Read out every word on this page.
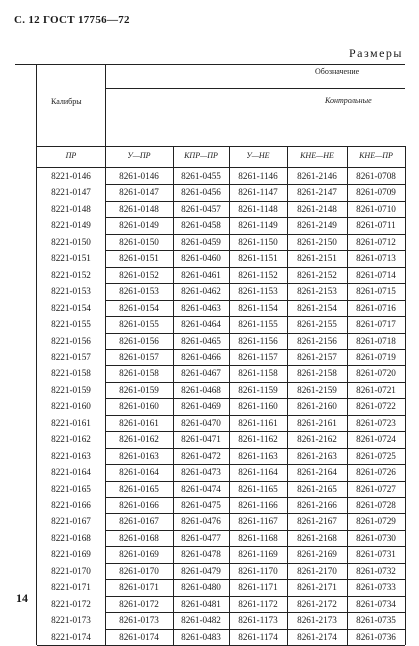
С. 12 ГОСТ 17756—72
Размеры
Обозначение
Калибры	Контрольные
ПР	У—ПР	КПР—ПР	У—НЕ	КНЕ—НЕ	КНЕ—ПР
8221-0146	8261-0146	8261-0455	8261-1146	8261-2146	8261-0708
8221-0147	8261-0147	8261-0456	8261-1147	8261-2147	8261-0709
8221-0148	8261-0148	8261-0457	8261-1148	8261-2148	8261-0710
8221-0149	8261-0149	8261-0458	8261-1149	8261-2149	8261-0711
8221-0150	8261-0150	8261-0459	8261-1150	8261-2150	8261-0712
8221-0151	8261-0151	8261-0460	8261-1151	8261-2151	8261-0713
8221-0152	8261-0152	8261-0461	8261-1152	8261-2152	8261-0714
8221-0153	8261-0153	8261-0462	8261-1153	8261-2153	8261-0715
8221-0154	8261-0154	8261-0463	8261-1154	8261-2154	8261-0716
8221-0155	8261-0155	8261-0464	8261-1155	8261-2155	8261-0717
8221-0156	8261-0156	8261-0465	8261-1156	8261-2156	8261-0718
8221-0157	8261-0157	8261-0466	8261-1157	8261-2157	8261-0719
8221-0158	8261-0158	8261-0467	8261-1158	8261-2158	8261-0720
8221-0159	8261-0159	8261-0468	8261-1159	8261-2159	8261-0721
8221-0160	8261-0160	8261-0469	8261-1160	8261-2160	8261-0722
8221-0161	8261-0161	8261-0470	8261-1161	8261-2161	8261-0723
8221-0162	8261-0162	8261-0471	8261-1162	8261-2162	8261-0724
8221-0163	8261-0163	8261-0472	8261-1163	8261-2163	8261-0725
8221-0164	8261-0164	8261-0473	8261-1164	8261-2164	8261-0726
8221-0165	8261-0165	8261-0474	8261-1165	8261-2165	8261-0727
8221-0166	8261-0166	8261-0475	8261-1166	8261-2166	8261-0728
8221-0167	8261-0167	8261-0476	8261-1167	8261-2167	8261-0729
8221-0168	8261-0168	8261-0477	8261-1168	8261-2168	8261-0730
8221-0169	8261-0169	8261-0478	8261-1169	8261-2169	8261-0731
8221-0170	8261-0170	8261-0479	8261-1170	8261-2170	8261-0732
8221-0171	8261-0171	8261-0480	8261-1171	8261-2171	8261-0733
8221-0172	8261-0172	8261-0481	8261-1172	8261-2172	8261-0734
8221-0173	8261-0173	8261-0482	8261-1173	8261-2173	8261-0735
8221-0174	8261-0174	8261-0483	8261-1174	8261-2174	8261-0736
14
